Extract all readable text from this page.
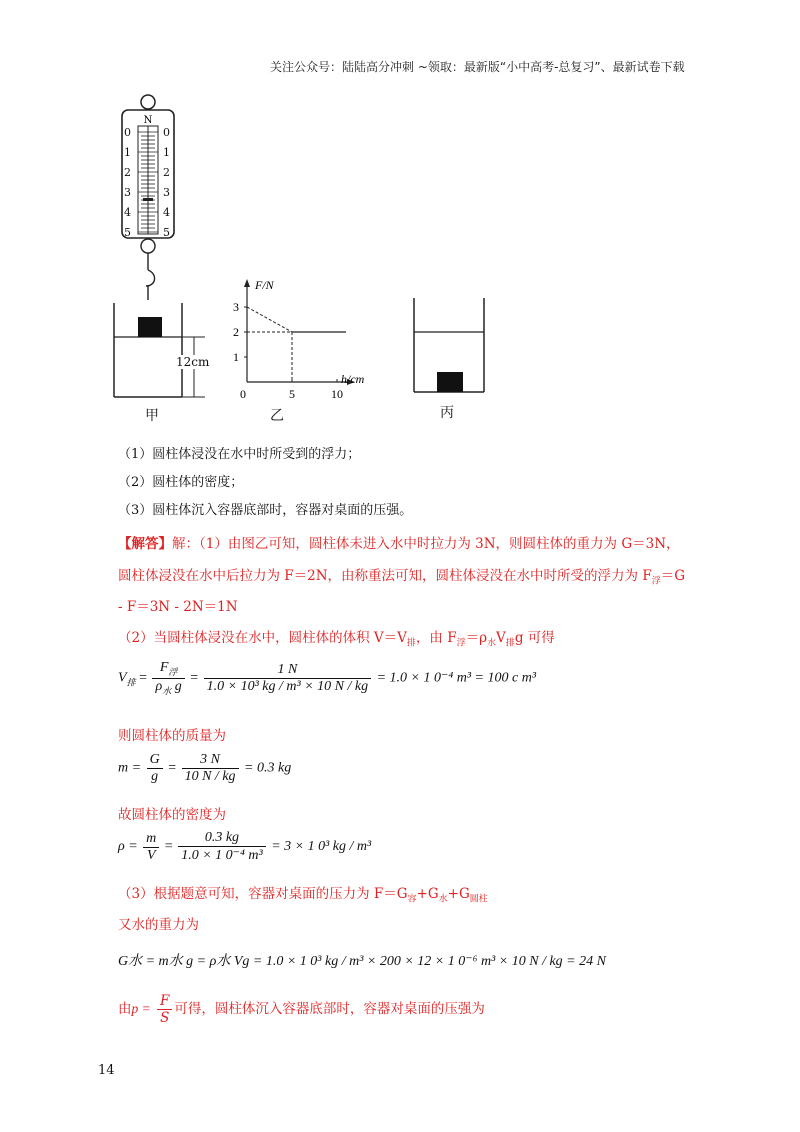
关注公众号：陆陆高分冲刺 ~领取：最新版“小中高考-总复习”、最新试卷下载
N
0
1
2
3
4
5
0
1
2
3
4
5
12cm
甲
F/N
h/cm
1
2
3
0	5	10
乙	丙
（1）圆柱体浸没在水中时所受到的浮力；
（2）圆柱体的密度；
（3）圆柱体沉入容器底部时，容器对桌面的压强。
【解答】解：（1）由图乙可知，圆柱体未进入水中时拉力为 3N，则圆柱体的重力为 G＝3N，
圆柱体浸没在水中后拉力为 F＝2N，由称重法可知，圆柱体浸没在水中时所受的浮力为 $F_浮=G$
- F＝3N - 2N＝1N
（2）当圆柱体浸没在水中，圆柱体的体积 $V=V_排$，由 $F_浮=\rho_水V_排g$ 可得
$V_排 = \frac{F_浮}{\rho_水 g} = \frac{1 N}{\text{1.0 × 10³ kg / m³ × 10 N / kg}} = 1.0 \times 1$ 0⁻⁴ m³ = 100 c m³
则圆柱体的质量为
$m = \frac{G}{g} = \frac{3 N}{10 N / kg} = 0.3$ kg
故圆柱体的密度为
$\rho = \frac{m}{V} = \frac{0.3 kg}{\text{1.0 × 1 0⁻⁴ m³}} = 3 \times 1$ 0³ kg / m³
（3）根据题意可知，容器对桌面的压力为 $F=G_容+G_水+G_{圆柱}$
又水的重力为
G水 = m水 g = ρ水 Vg = 1.0 × 1 0³ kg / m³ × 200 × 12 × 1 0⁻⁶ m³ × 10 N / kg = 24 N
由$p = \frac{F}{S}$ 可得，圆柱体沉入容器底部时，容器对桌面的压强为
14
